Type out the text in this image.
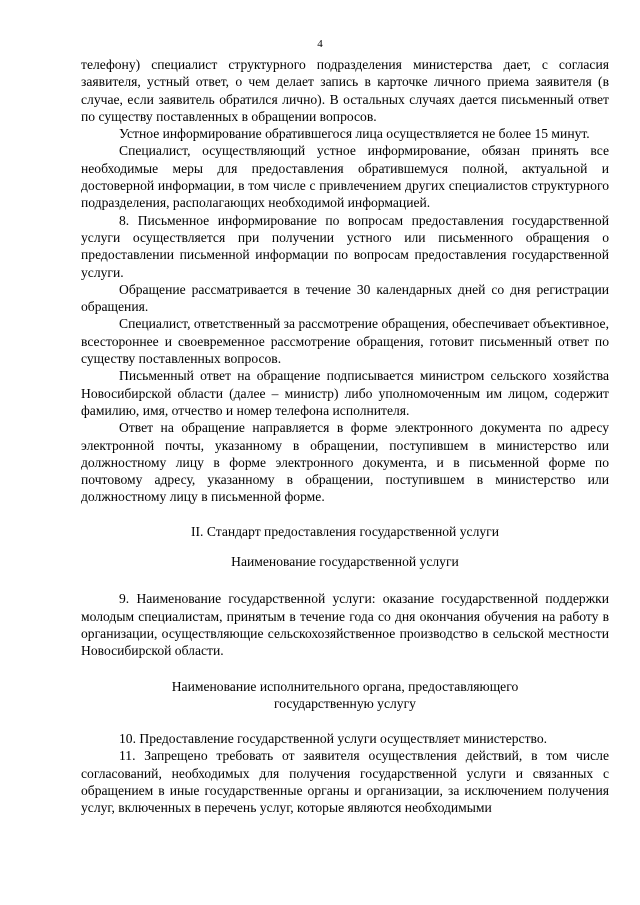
4

телефону) специалист структурного подразделения министерства дает, с согласия заявителя, устный ответ, о чем делает запись в карточке личного приема заявителя (в случае, если заявитель обратился лично). В остальных случаях дается письменный ответ по существу поставленных в обращении вопросов.

Устное информирование обратившегося лица осуществляется не более 15 минут.

Специалист, осуществляющий устное информирование, обязан принять все необходимые меры для предоставления обратившемуся полной, актуальной и достоверной информации, в том числе с привлечением других специалистов структурного подразделения, располагающих необходимой информацией.

8. Письменное информирование по вопросам предоставления государственной услуги осуществляется при получении устного или письменного обращения о предоставлении письменной информации по вопросам предоставления государственной услуги.

Обращение рассматривается в течение 30 календарных дней со дня регистрации обращения.

Специалист, ответственный за рассмотрение обращения, обеспечивает объективное, всестороннее и своевременное рассмотрение обращения, готовит письменный ответ по существу поставленных вопросов.

Письменный ответ на обращение подписывается министром сельского хозяйства Новосибирской области (далее – министр) либо уполномоченным им лицом, содержит фамилию, имя, отчество и номер телефона исполнителя.

Ответ на обращение направляется в форме электронного документа по адресу электронной почты, указанному в обращении, поступившем в министерство или должностному лицу в форме электронного документа, и в письменной форме по почтовому адресу, указанному в обращении, поступившем в министерство или должностному лицу в письменной форме.

II. Стандарт предоставления государственной услуги
Наименование государственной услуги

9. Наименование государственной услуги: оказание государственной поддержки молодым специалистам, принятым в течение года со дня окончания обучения на работу в организации, осуществляющие сельскохозяйственное производство в сельской местности Новосибирской области.

Наименование исполнительного органа, предоставляющего
государственную услугу

10. Предоставление государственной услуги осуществляет министерство.

11. Запрещено требовать от заявителя осуществления действий, в том числе согласований, необходимых для получения государственной услуги и связанных с обращением в иные государственные органы и организации, за исключением получения услуг, включенных в перечень услуг, которые являются необходимыми
